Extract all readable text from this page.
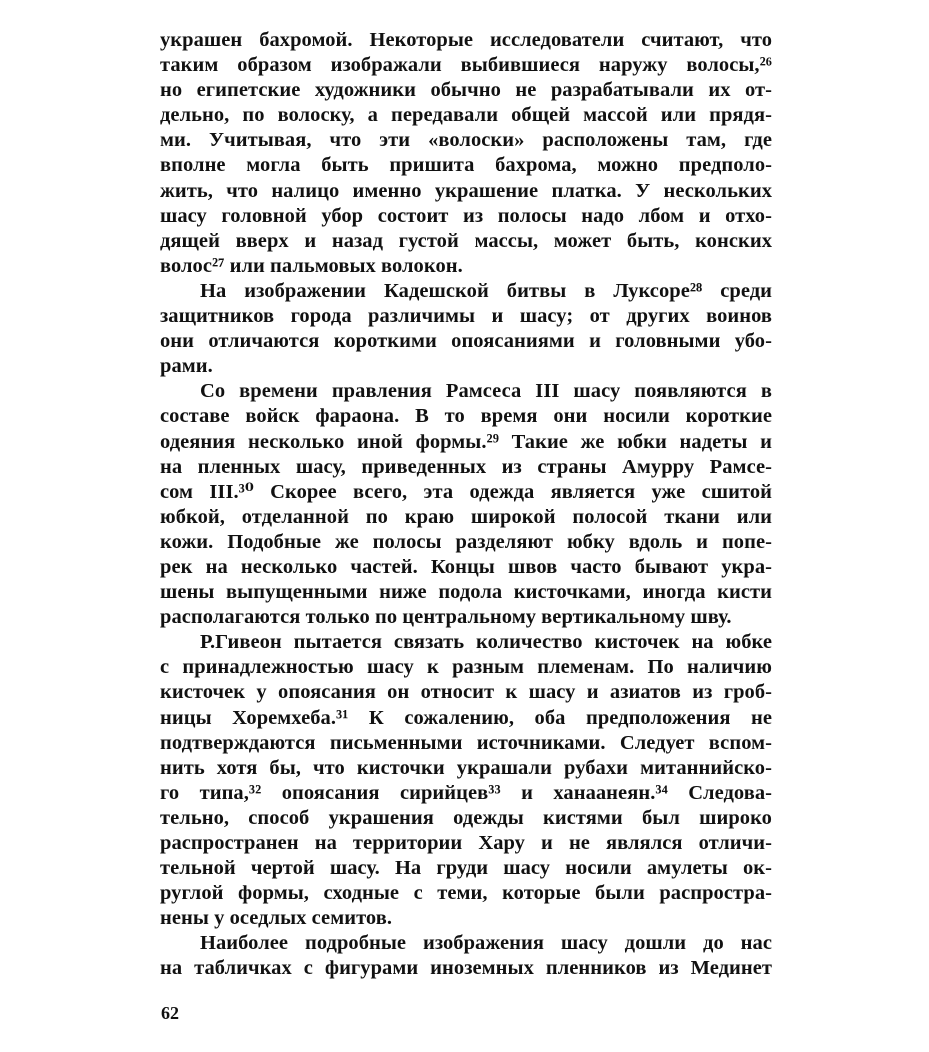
украшен бахромой. Некоторые исследователи считают, что
таким образом изображали выбившиеся наружу волосы,²⁶
но египетские художники обычно не разрабатывали их от-
дельно, по волоску, а передавали общей массой или прядя-
ми. Учитывая, что эти «волоски» расположены там, где
вполне могла быть пришита бахрома, можно предполо-
жить, что налицо именно украшение платка. У нескольких
шасу головной убор состоит из полосы надо лбом и отхо-
дящей вверх и назад густой массы, может быть, конских
волос²⁷ или пальмовых волокон.
На изображении Кадешской битвы в Луксоре²⁸ среди
защитников города различимы и шасу; от других воинов
они отличаются короткими опоясаниями и головными убо-
рами.
Со времени правления Рамсеса III шасу появляются в
составе войск фараона. В то время они носили короткие
одеяния несколько иной формы.²⁹ Такие же юбки надеты и
на пленных шасу, приведенных из страны Амурру Рамсе-
сом III.³⁰ Скорее всего, эта одежда является уже сшитой
юбкой, отделанной по краю широкой полосой ткани или
кожи. Подобные же полосы разделяют юбку вдоль и попе-
рек на несколько частей. Концы швов часто бывают укра-
шены выпущенными ниже подола кисточками, иногда кисти
располагаются только по центральному вертикальному шву.
Р.Гивеон пытается связать количество кисточек на юбке
с принадлежностью шасу к разным племенам. По наличию
кисточек у опоясания он относит к шасу и азиатов из гроб-
ницы Хоремхеба.³¹ К сожалению, оба предположения не
подтверждаются письменными источниками. Следует вспом-
нить хотя бы, что кисточки украшали рубахи митаннийско-
го типа,³² опоясания сирийцев³³ и ханаанеян.³⁴ Следова-
тельно, способ украшения одежды кистями был широко
распространен на территории Хару и не являлся отличи-
тельной чертой шасу. На груди шасу носили амулеты ок-
руглой формы, сходные с теми, которые были распростра-
нены у оседлых семитов.
Наиболее подробные изображения шасу дошли до нас
на табличках с фигурами иноземных пленников из Мединет
62
